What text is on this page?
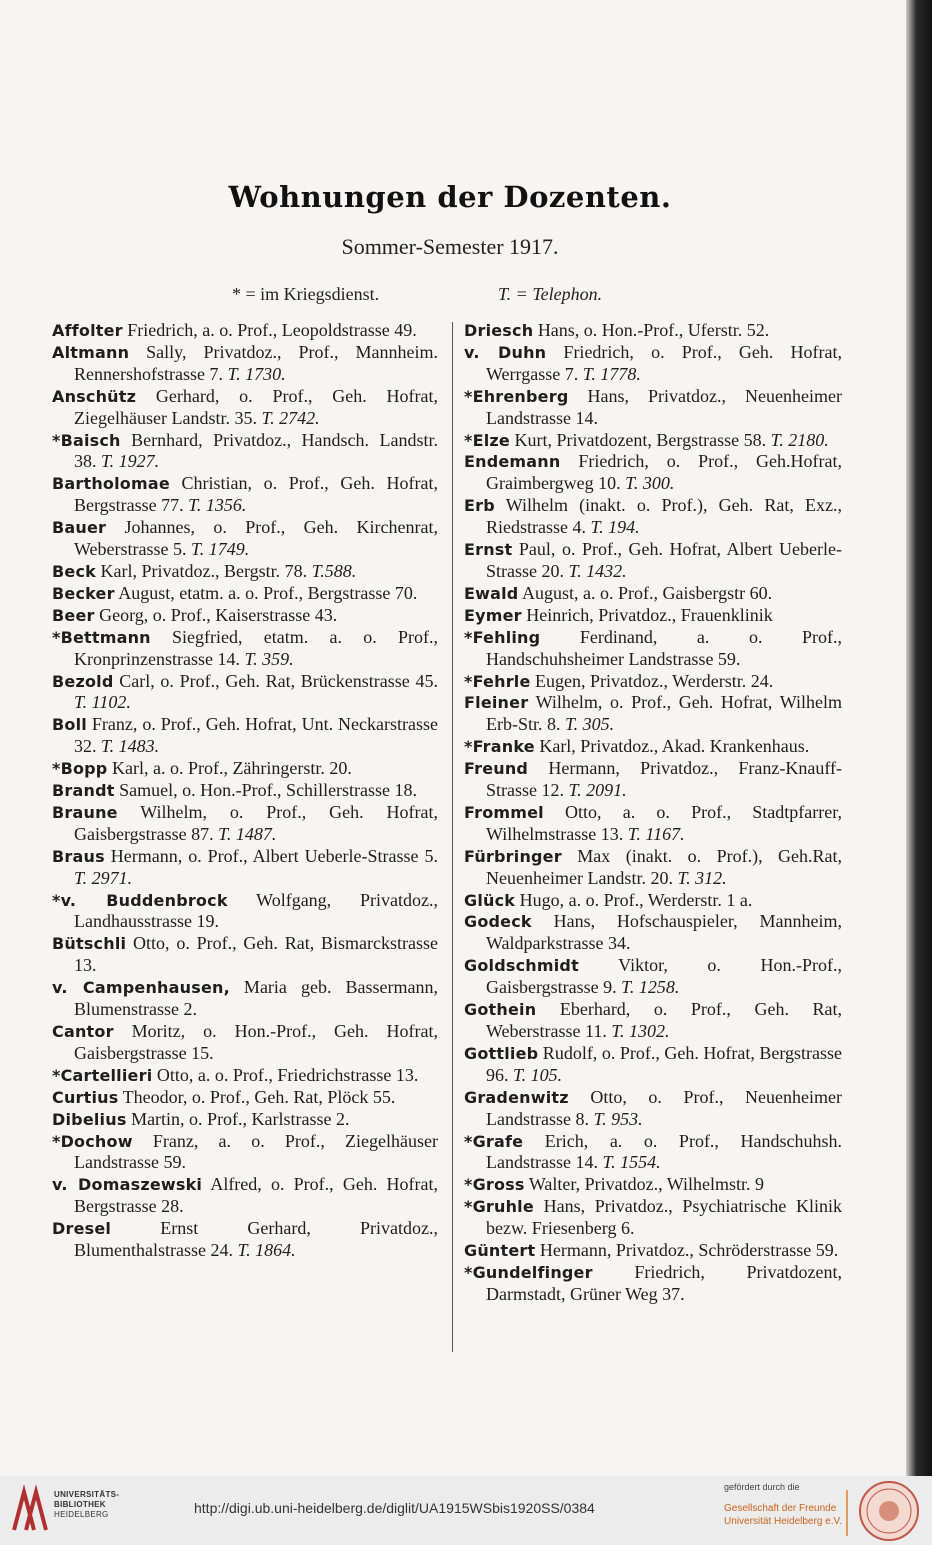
Wohnungen der Dozenten.
Sommer-Semester 1917.
* = im Kriegsdienst.	T. = Telephon.

Affolter Friedrich, a. o. Prof., Leopoldstrasse 49.

Altmann Sally, Privatdoz., Prof., Mannheim. Rennershofstrasse 7. T. 1730.

Anschütz Gerhard, o. Prof., Geh. Hofrat, Ziegelhäuser Landstr. 35. T. 2742.

*Baisch Bernhard, Privatdoz., Handsch. Landstr. 38. T. 1927.

Bartholomae Christian, o. Prof., Geh. Hofrat, Bergstrasse 77. T. 1356.

Bauer Johannes, o. Prof., Geh. Kirchenrat, Weberstrasse 5. T. 1749.

Beck Karl, Privatdoz., Bergstr. 78. T.588.

Becker August, etatm. a. o. Prof., Bergstrasse 70.

Beer Georg, o. Prof., Kaiserstrasse 43.

*Bettmann Siegfried, etatm. a. o. Prof., Kronprinzenstrasse 14. T. 359.

Bezold Carl, o. Prof., Geh. Rat, Brückenstrasse 45. T. 1102.

Boll Franz, o. Prof., Geh. Hofrat, Unt. Neckarstrasse 32. T. 1483.

*Bopp Karl, a. o. Prof., Zähringerstr. 20.

Brandt Samuel, o. Hon.-Prof., Schillerstrasse 18.

Braune Wilhelm, o. Prof., Geh. Hofrat, Gaisbergstrasse 87. T. 1487.

Braus Hermann, o. Prof., Albert Ueberle-Strasse 5. T. 2971.

*v. Buddenbrock Wolfgang, Privatdoz., Landhausstrasse 19.

Bütschli Otto, o. Prof., Geh. Rat, Bismarckstrasse 13.

v. Campenhausen, Maria geb. Bassermann, Blumenstrasse 2.

Cantor Moritz, o. Hon.-Prof., Geh. Hofrat, Gaisbergstrasse 15.

*Cartellieri Otto, a. o. Prof., Friedrichstrasse 13.

Curtius Theodor, o. Prof., Geh. Rat, Plöck 55.

Dibelius Martin, o. Prof., Karlstrasse 2.

*Dochow Franz, a. o. Prof., Ziegelhäuser Landstrasse 59.

v. Domaszewski Alfred, o. Prof., Geh. Hofrat, Bergstrasse 28.

Dresel Ernst Gerhard, Privatdoz., Blumenthalstrasse 24. T. 1864.

Driesch Hans, o. Hon.-Prof., Uferstr. 52.

v. Duhn Friedrich, o. Prof., Geh. Hofrat, Werrgasse 7. T. 1778.

*Ehrenberg Hans, Privatdoz., Neuenheimer Landstrasse 14.

*Elze Kurt, Privatdozent, Bergstrasse 58. T. 2180.

Endemann Friedrich, o. Prof., Geh.Hofrat, Graimbergweg 10. T. 300.

Erb Wilhelm (inakt. o. Prof.), Geh. Rat, Exz., Riedstrasse 4. T. 194.

Ernst Paul, o. Prof., Geh. Hofrat, Albert Ueberle-Strasse 20. T. 1432.

Ewald August, a. o. Prof., Gaisbergstr 60.

Eymer Heinrich, Privatdoz., Frauenklinik

*Fehling Ferdinand, a. o. Prof., Handschuhsheimer Landstrasse 59.

*Fehrle Eugen, Privatdoz., Werderstr. 24.

Fleiner Wilhelm, o. Prof., Geh. Hofrat, Wilhelm Erb-Str. 8. T. 305.

*Franke Karl, Privatdoz., Akad. Krankenhaus.

Freund Hermann, Privatdoz., Franz-Knauff-Strasse 12. T. 2091.

Frommel Otto, a. o. Prof., Stadtpfarrer, Wilhelmstrasse 13. T. 1167.

Fürbringer Max (inakt. o. Prof.), Geh.Rat, Neuenheimer Landstr. 20. T. 312.

Glück Hugo, a. o. Prof., Werderstr. 1 a.

Godeck Hans, Hofschauspieler, Mannheim, Waldparkstrasse 34.

Goldschmidt Viktor, o. Hon.-Prof., Gaisbergstrasse 9. T. 1258.

Gothein Eberhard, o. Prof., Geh. Rat, Weberstrasse 11. T. 1302.

Gottlieb Rudolf, o. Prof., Geh. Hofrat, Bergstrasse 96. T. 105.

Gradenwitz Otto, o. Prof., Neuenheimer Landstrasse 8. T. 953.

*Grafe Erich, a. o. Prof., Handschuhsh. Landstrasse 14. T. 1554.

*Gross Walter, Privatdoz., Wilhelmstr. 9

*Gruhle Hans, Privatdoz., Psychiatrische Klinik bezw. Friesenberg 6.

Güntert Hermann, Privatdoz., Schröderstrasse 59.

*Gundelfinger Friedrich, Privatdozent, Darmstadt, Grüner Weg 37.

UNIVERSITÄTS-
BIBLIOTHEK
HEIDELBERG	http://digi.ub.uni-heidelberg.de/diglit/UA1915WSbis1920SS/0384
gefördert durch die
Gesellschaft der Freunde
Universität Heidelberg e.V.
